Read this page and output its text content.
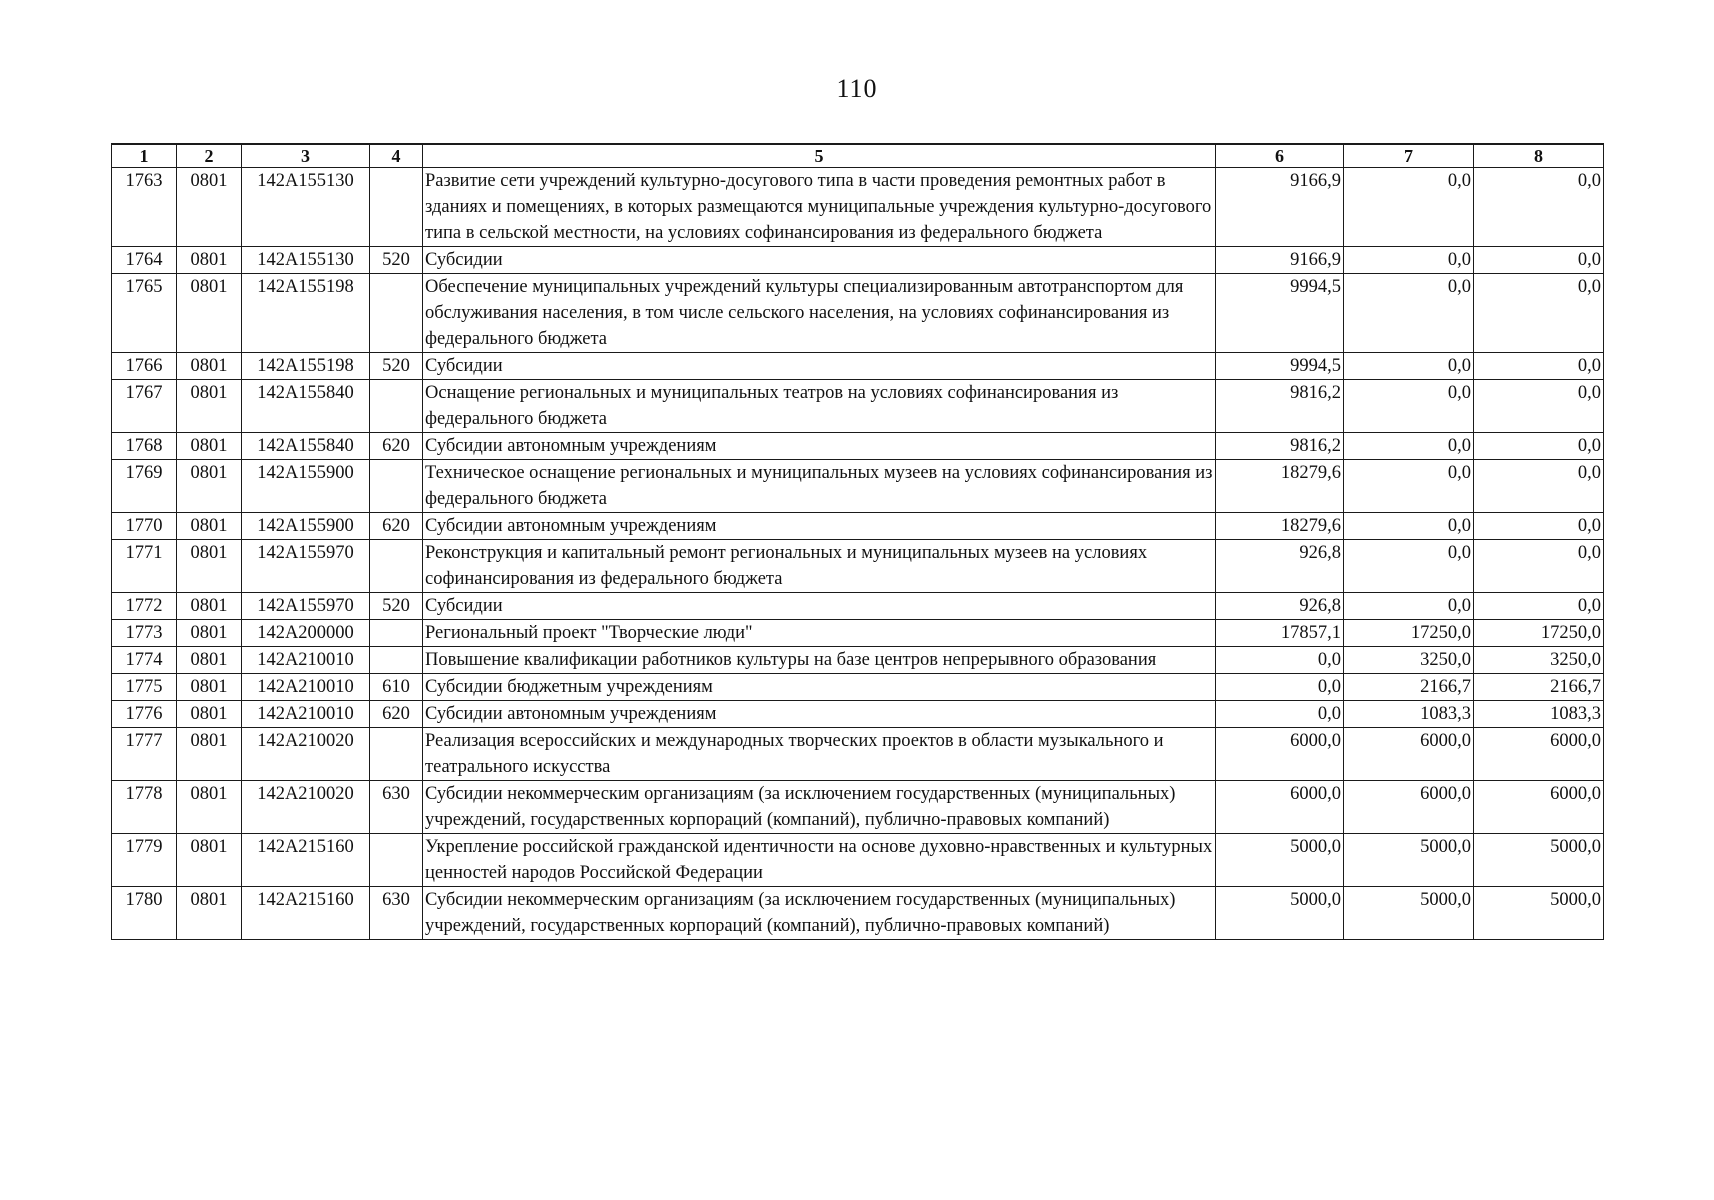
110
1	2	3	4	5	6	7	8
1763	0801	142A155130		Развитие сети учреждений культурно-досугового типа в части проведения ремонтных работ в зданиях и помещениях, в которых размещаются муниципальные учреждения культурно-досугового типа в сельской местности, на условиях софинансирования из федерального бюджета	9166,9	0,0	0,0
1764	0801	142A155130	520	Субсидии	9166,9	0,0	0,0
1765	0801	142A155198		Обеспечение муниципальных учреждений культуры специализированным автотранспортом для обслуживания населения, в том числе сельского населения, на условиях софинансирования из федерального бюджета	9994,5	0,0	0,0
1766	0801	142A155198	520	Субсидии	9994,5	0,0	0,0
1767	0801	142A155840		Оснащение региональных и муниципальных театров на условиях софинансирования из федерального бюджета	9816,2	0,0	0,0
1768	0801	142A155840	620	Субсидии автономным учреждениям	9816,2	0,0	0,0
1769	0801	142A155900		Техническое оснащение региональных и муниципальных музеев на условиях софинансирования из федерального бюджета	18279,6	0,0	0,0
1770	0801	142A155900	620	Субсидии автономным учреждениям	18279,6	0,0	0,0
1771	0801	142A155970		Реконструкция и капитальный ремонт региональных и муниципальных музеев на условиях софинансирования из федерального бюджета	926,8	0,0	0,0
1772	0801	142A155970	520	Субсидии	926,8	0,0	0,0
1773	0801	142A200000		Региональный проект "Творческие люди"	17857,1	17250,0	17250,0
1774	0801	142A210010		Повышение квалификации работников культуры на базе центров непрерывного образования	0,0	3250,0	3250,0
1775	0801	142A210010	610	Субсидии бюджетным учреждениям	0,0	2166,7	2166,7
1776	0801	142A210010	620	Субсидии автономным учреждениям	0,0	1083,3	1083,3
1777	0801	142A210020		Реализация всероссийских и международных творческих проектов в области музыкального и театрального искусства	6000,0	6000,0	6000,0
1778	0801	142A210020	630	Субсидии некоммерческим организациям (за исключением государственных (муниципальных) учреждений, государственных корпораций (компаний), публично-правовых компаний)	6000,0	6000,0	6000,0
1779	0801	142A215160		Укрепление российской гражданской идентичности на основе духовно-нравственных и культурных ценностей народов Российской Федерации	5000,0	5000,0	5000,0
1780	0801	142A215160	630	Субсидии некоммерческим организациям (за исключением государственных (муниципальных) учреждений, государственных корпораций (компаний), публично-правовых компаний)	5000,0	5000,0	5000,0
